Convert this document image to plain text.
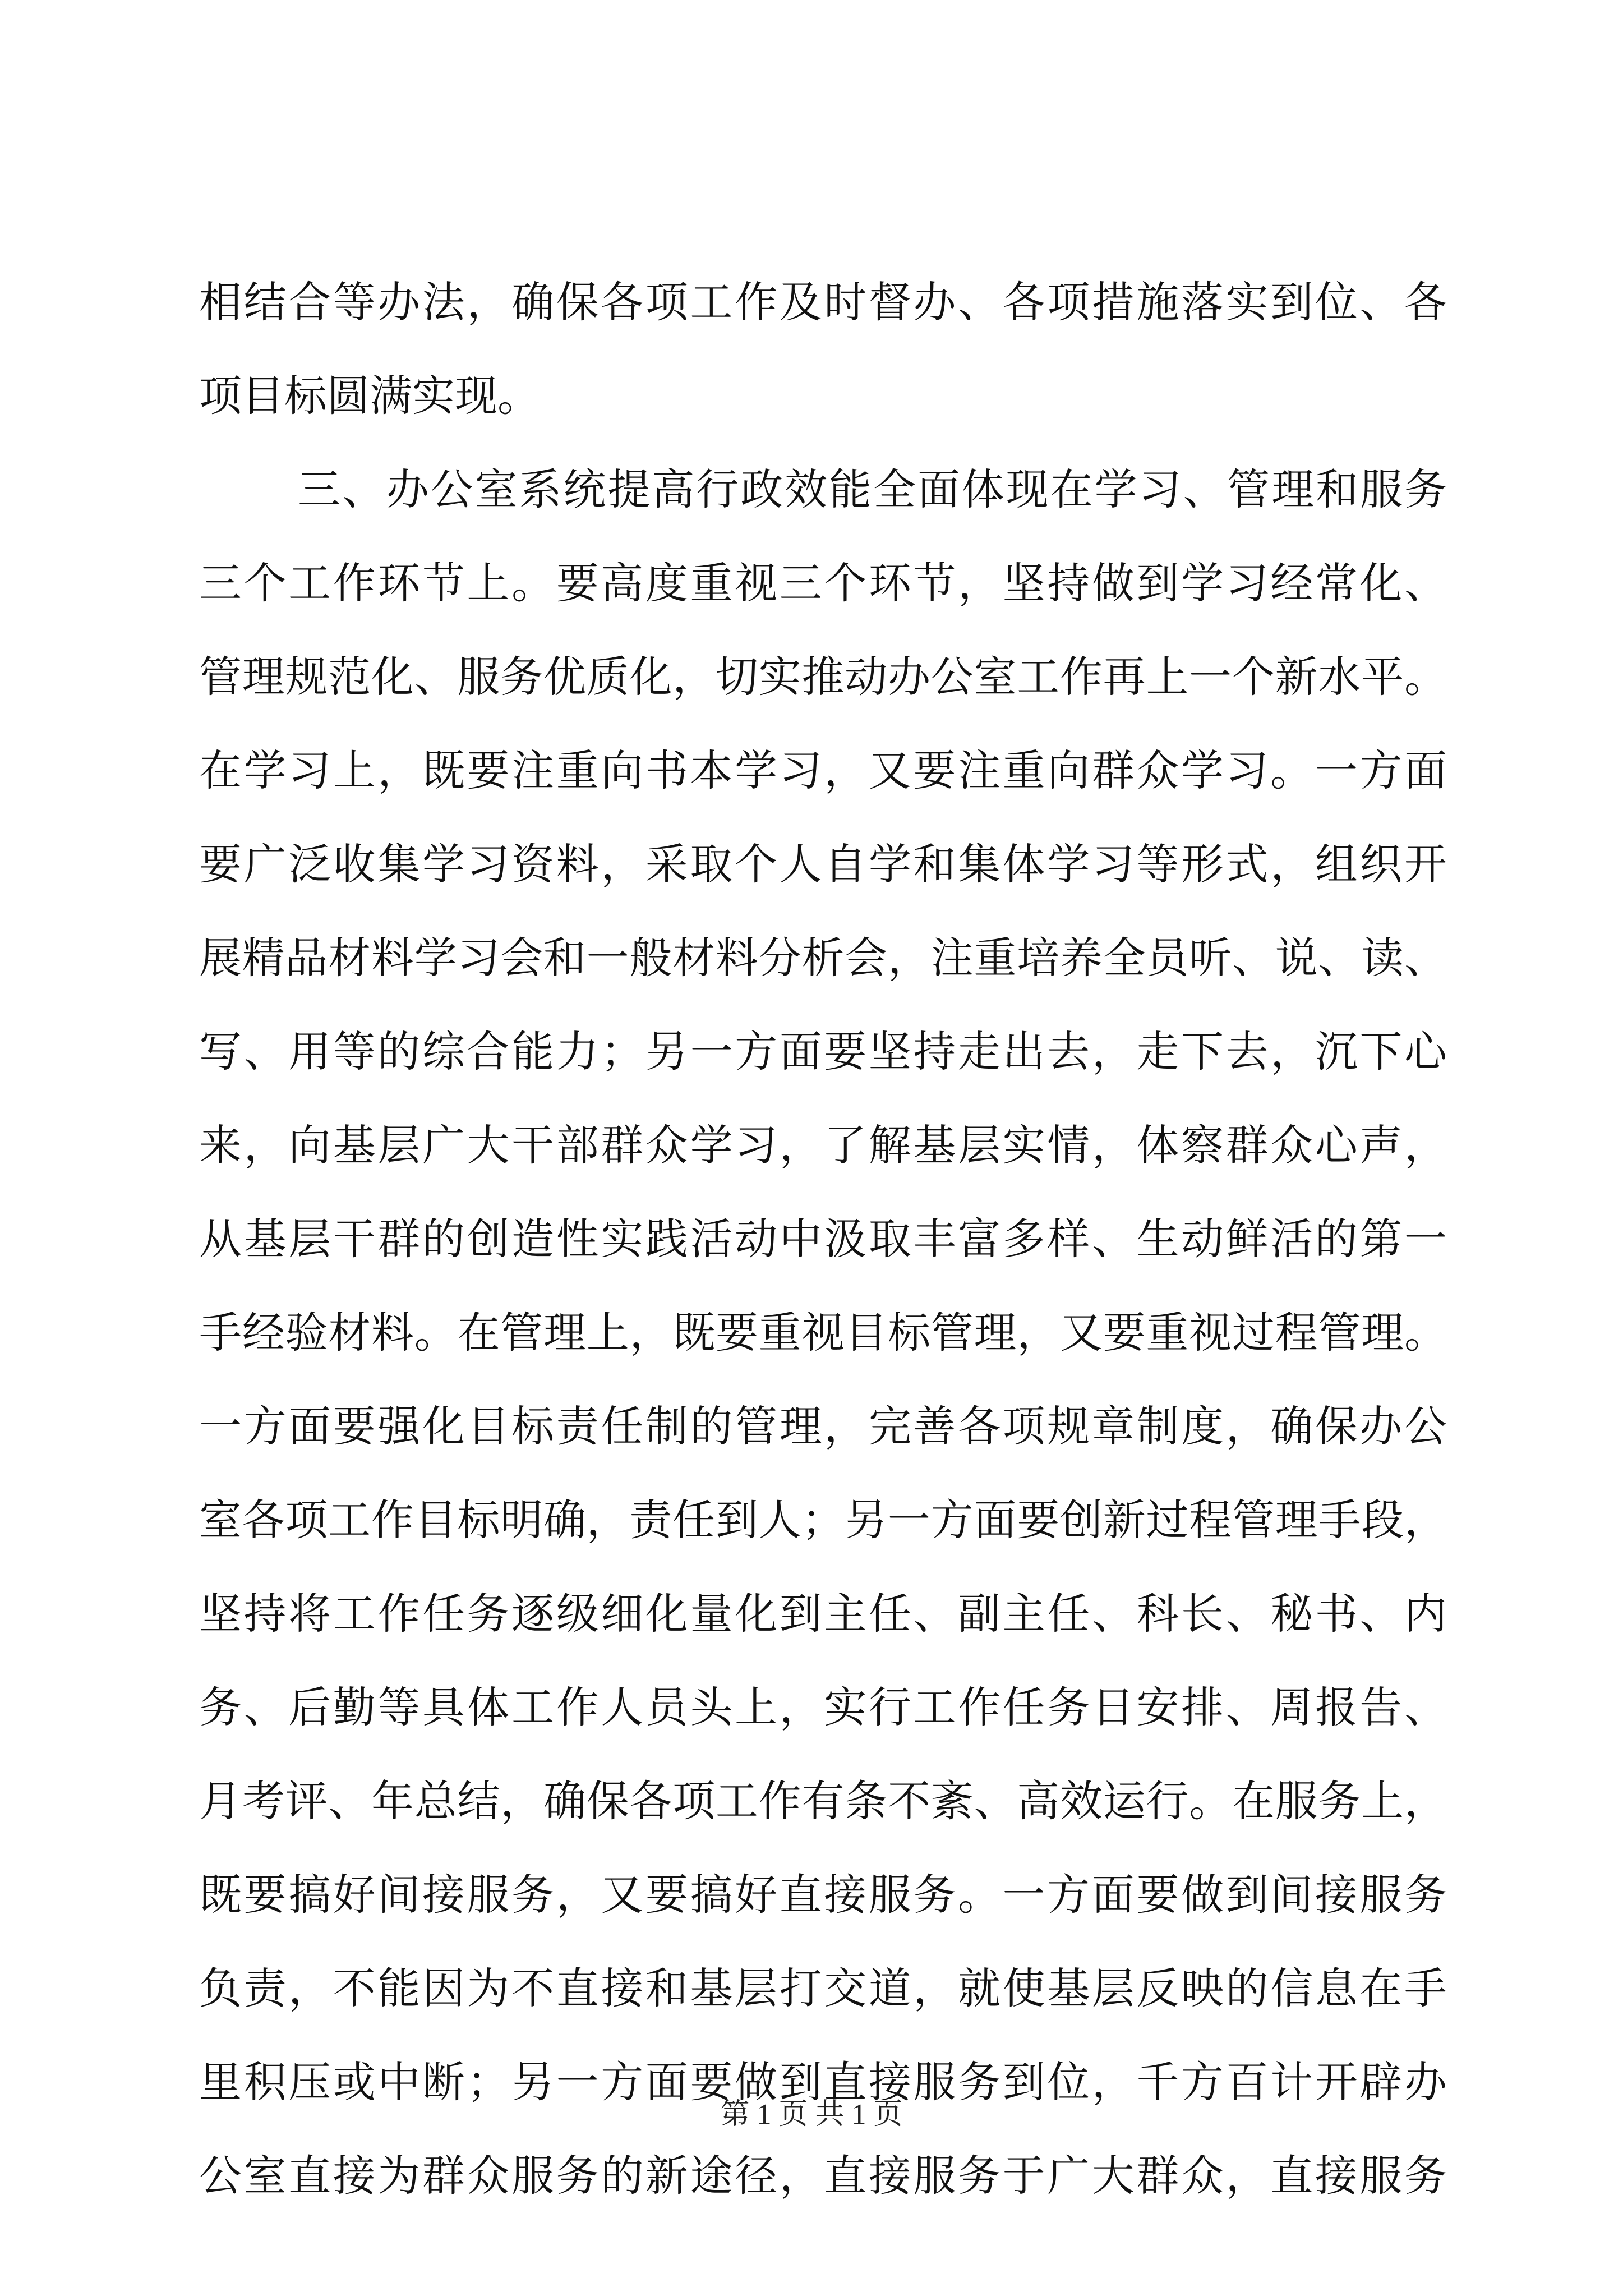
相结合等办法，确保各项工作及时督办、各项措施落实到位、各
项目标圆满实现。
三、办公室系统提高行政效能全面体现在学习、管理和服务
三个工作环节上。要高度重视三个环节，坚持做到学习经常化、
管理规范化、服务优质化，切实推动办公室工作再上一个新水平。
在学习上，既要注重向书本学习，又要注重向群众学习。一方面
要广泛收集学习资料，采取个人自学和集体学习等形式，组织开
展精品材料学习会和一般材料分析会，注重培养全员听、说、读、
写、用等的综合能力；另一方面要坚持走出去，走下去，沉下心
来，向基层广大干部群众学习，了解基层实情，体察群众心声，
从基层干群的创造性实践活动中汲取丰富多样、生动鲜活的第一
手经验材料。在管理上，既要重视目标管理，又要重视过程管理。
一方面要强化目标责任制的管理，完善各项规章制度，确保办公
室各项工作目标明确，责任到人；另一方面要创新过程管理手段，
坚持将工作任务逐级细化量化到主任、副主任、科长、秘书、内
务、后勤等具体工作人员头上，实行工作任务日安排、周报告、
月考评、年总结，确保各项工作有条不紊、高效运行。在服务上，
既要搞好间接服务，又要搞好直接服务。一方面要做到间接服务
负责，不能因为不直接和基层打交道，就使基层反映的信息在手
里积压或中断；另一方面要做到直接服务到位，千方百计开辟办
公室直接为群众服务的新途径，直接服务于广大群众，直接服务
第 1 页 共 1 页
